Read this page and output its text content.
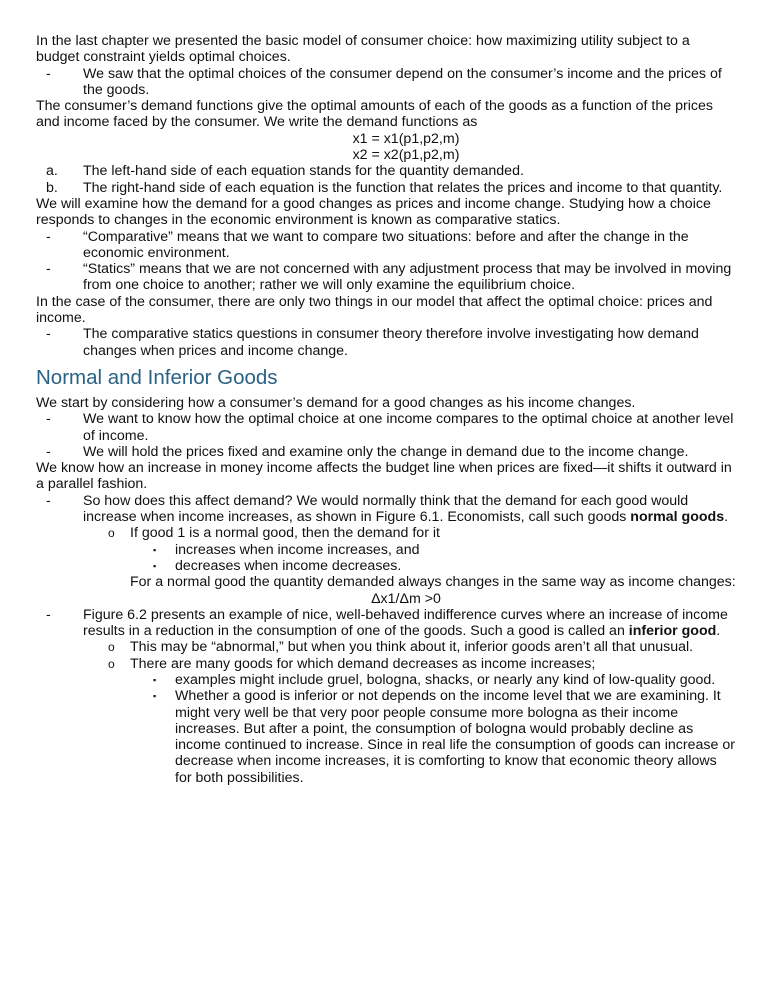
In the last chapter we presented the basic model of consumer choice: how maximizing utility subject to a budget constraint yields optimal choices.

-	We saw that the optimal choices of the consumer depend on the consumer’s income and the prices of the goods.

The consumer’s demand functions give the optimal amounts of each of the goods as a function of the prices and income faced by the consumer. We write the demand functions as

x1 = x1(p1,p2,m)

x2 = x2(p1,p2,m)

a.	The left-hand side of each equation stands for the quantity demanded.
b.	The right-hand side of each equation is the function that relates the prices and income to that quantity.

We will examine how the demand for a good changes as prices and income change. Studying how a choice responds to changes in the economic environment is known as comparative statics.

-	“Comparative” means that we want to compare two situations: before and after the change in the economic environment.
-	“Statics” means that we are not concerned with any adjustment process that may be involved in moving from one choice to another; rather we will only examine the equilibrium choice.

In the case of the consumer, there are only two things in our model that affect the optimal choice: prices and income.

-	The comparative statics questions in consumer theory therefore involve investigating how demand changes when prices and income change.
Normal and Inferior Goods

We start by considering how a consumer’s demand for a good changes as his income changes.

-	We want to know how the optimal choice at one income compares to the optimal choice at another level of income.
-	We will hold the prices fixed and examine only the change in demand due to the income change.

We know how an increase in money income affects the budget line when prices are fixed—it shifts it outward in a parallel fashion.

-	So how does this affect demand? We would normally think that the demand for each good would increase when income increases, as shown in Figure 6.1. Economists, call such goods normal goods.
o	If good 1 is a normal good, then the demand for it
▪	increases when income increases, and
▪	decreases when income decreases.

For a normal good the quantity demanded always changes in the same way as income changes:

Δx1/Δm >0

-	Figure 6.2 presents an example of nice, well-behaved indifference curves where an increase of income results in a reduction in the consumption of one of the goods. Such a good is called an inferior good.
o	This may be “abnormal,” but when you think about it, inferior goods aren’t all that unusual.
o	There are many goods for which demand decreases as income increases;
▪	examples might include gruel, bologna, shacks, or nearly any kind of low-quality good.
▪	Whether a good is inferior or not depends on the income level that we are examining. It might very well be that very poor people consume more bologna as their income increases. But after a point, the consumption of bologna would probably decline as income continued to increase. Since in real life the consumption of goods can increase or decrease when income increases, it is comforting to know that economic theory allows for both possibilities.
